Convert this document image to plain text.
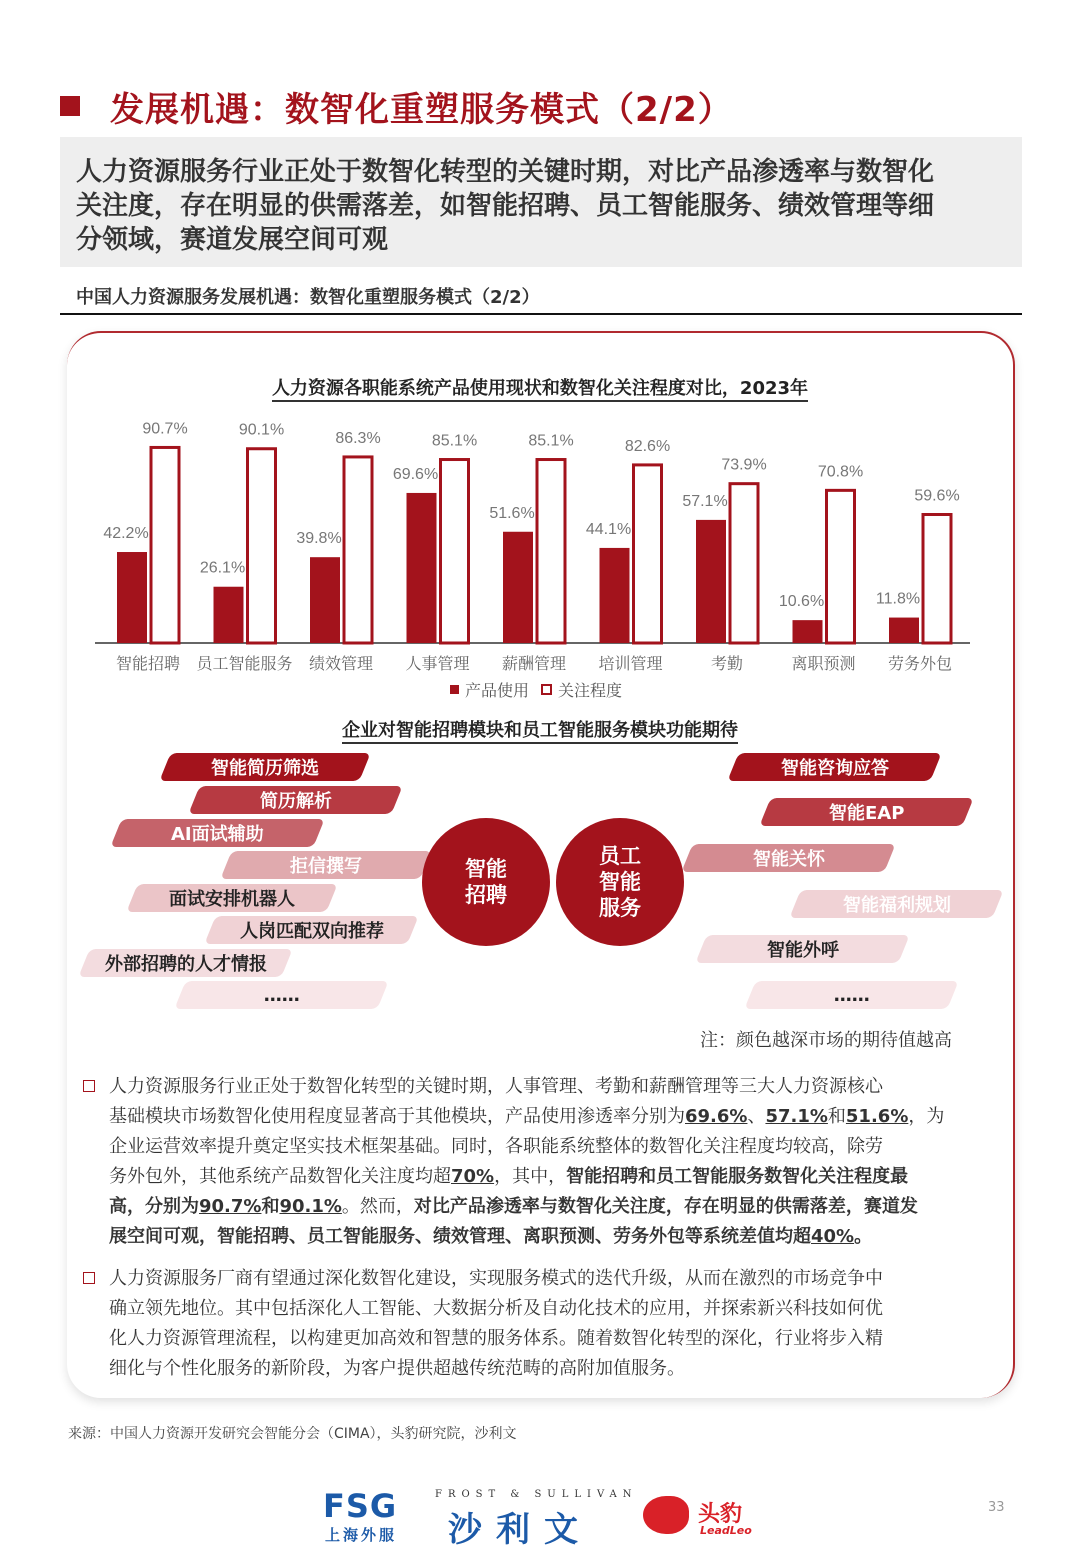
发展机遇：数智化重塑服务模式（2/2）
人力资源服务行业正处于数智化转型的关键时期，对比产品渗透率与数智化
关注度，存在明显的供需落差，如智能招聘、员工智能服务、绩效管理等细
分领域，赛道发展空间可观
中国人力资源服务发展机遇：数智化重塑服务模式（2/2）
人力资源各职能系统产品使用现状和数智化关注程度对比，2023年
42.2%
90.7%
智能招聘
26.1%
90.1%
员工智能服务
39.8%
86.3%
绩效管理
69.6%
85.1%
人事管理
51.6%
85.1%
薪酬管理
44.1%
82.6%
培训管理
57.1%
73.9%
考勤
10.6%
70.8%
离职预测
11.8%
59.6%
劳务外包
产品使用 关注程度
企业对智能招聘模块和员工智能服务模块功能期待
智能简历筛选
简历解析
AI面试辅助
拒信撰写
面试安排机器人
人岗匹配双向推荐
外部招聘的人才情报
……
智能
招聘
员工
智能
服务
智能咨询应答
智能EAP
智能关怀
智能福利规划
智能外呼
……
注：颜色越深市场的期待值越高
人力资源服务行业正处于数智化转型的关键时期，人事管理、考勤和薪酬管理等三大人力资源核心
基础模块市场数智化使用程度显著高于其他模块，产品使用渗透率分别为69.6%、57.1%和51.6%，为
企业运营效率提升奠定坚实技术框架基础。同时，各职能系统整体的数智化关注程度均较高，除劳
务外包外，其他系统产品数智化关注度均超70%，其中，智能招聘和员工智能服务数智化关注程度最
高，分别为90.7%和90.1%。然而，对比产品渗透率与数智化关注度，存在明显的供需落差，赛道发
展空间可观，智能招聘、员工智能服务、绩效管理、离职预测、劳务外包等系统差值均超40%。
人力资源服务厂商有望通过深化数智化建设，实现服务模式的迭代升级，从而在激烈的市场竞争中
确立领先地位。其中包括深化人工智能、大数据分析及自动化技术的应用，并探索新兴科技如何优
化人力资源管理流程，以构建更加高效和智慧的服务体系。随着数智化转型的深化，行业将步入精
细化与个性化服务的新阶段，为客户提供超越传统范畴的高附加值服务。
来源：中国人力资源开发研究会智能分会（CIMA），头豹研究院，沙利文
FSG
上海外服
FROST & SULLIVAN
沙利文	头豹
LeadLeo
33
